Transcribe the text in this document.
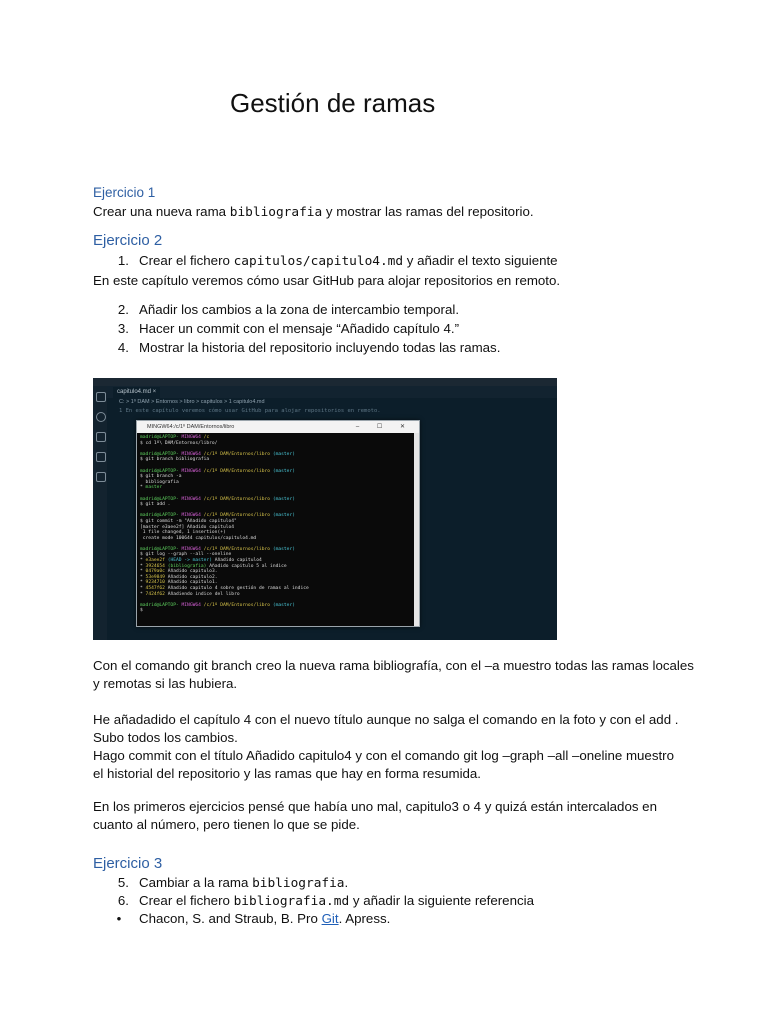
Gestión de ramas
Ejercicio 1
Crear una nueva rama bibliografia y mostrar las ramas del repositorio.
Ejercicio 2
1. Crear el fichero capitulos/capitulo4.md y añadir el texto siguiente
En este capítulo veremos cómo usar GitHub para alojar repositorios en remoto.
2. Añadir los cambios a la zona de intercambio temporal.
3. Hacer un commit con el mensaje “Añadido capítulo 4.”
4. Mostrar la historia del repositorio incluyendo todas las ramas.
capitulo4.md ×
C: > 1º DAM > Entornos > libro > capitulos > 1 capitulo4.md
1 En este capítulo veremos cómo usar GitHub para alojar repositorios en remoto.
MINGW64:/c/1º DAM/Entornos/libro	– ☐ ✕
madrid@LAPTOP- MINGW64 /c
$ cd 1º\ DAM/Entornos/libro/

madrid@LAPTOP- MINGW64 /c/1º DAM/Entornos/libro (master)
$ git branch bibliografia

madrid@LAPTOP- MINGW64 /c/1º DAM/Entornos/libro (master)
$ git branch -a
bibliografia
* master

madrid@LAPTOP- MINGW64 /c/1º DAM/Entornos/libro (master)
$ git add .

madrid@LAPTOP- MINGW64 /c/1º DAM/Entornos/libro (master)
$ git commit -m "Añadido capitulo4"
[master e3aee2f] Añadido capitulo4
1 file changed, 1 insertion(+)
create mode 100644 capitulos/capitulo4.md

madrid@LAPTOP- MINGW64 /c/1º DAM/Entornos/libro (master)
$ git log --graph --all --oneline
* e3aee2f (HEAD -> master) Añadido capitulo4
* 3924654 (bibliografia) Añadido capitulo 5 al indice
* 0479a0c Añadido capitulo3.
* 53e9849 Añadido capitulo2.
* 9234710 Añadido capitulo1.
* 4547f62 Añadido capitulo 4 sobre gestión de ramas al indice
* 7424f62 Añadiendo indice del libro

madrid@LAPTOP- MINGW64 /c/1º DAM/Entornos/libro (master)
$
Con el comando git branch creo la nueva rama bibliografía, con el –a muestro todas las ramas locales
y remotas si las hubiera.
He añadadido el capítulo 4 con el nuevo título aunque no salga el comando en la foto y con el add .
Subo todos los cambios.
Hago commit con el título Añadido capitulo4 y con el comando git log –graph –all –oneline muestro
el historial del repositorio y las ramas que hay en forma resumida.
En los primeros ejercicios pensé que había uno mal, capitulo3 o 4 y quizá están intercalados en
cuanto al número, pero tienen lo que se pide.
Ejercicio 3
5. Cambiar a la rama bibliografia.
6. Crear el fichero bibliografia.md y añadir la siguiente referencia
• Chacon, S. and Straub, B. Pro Git. Apress.
